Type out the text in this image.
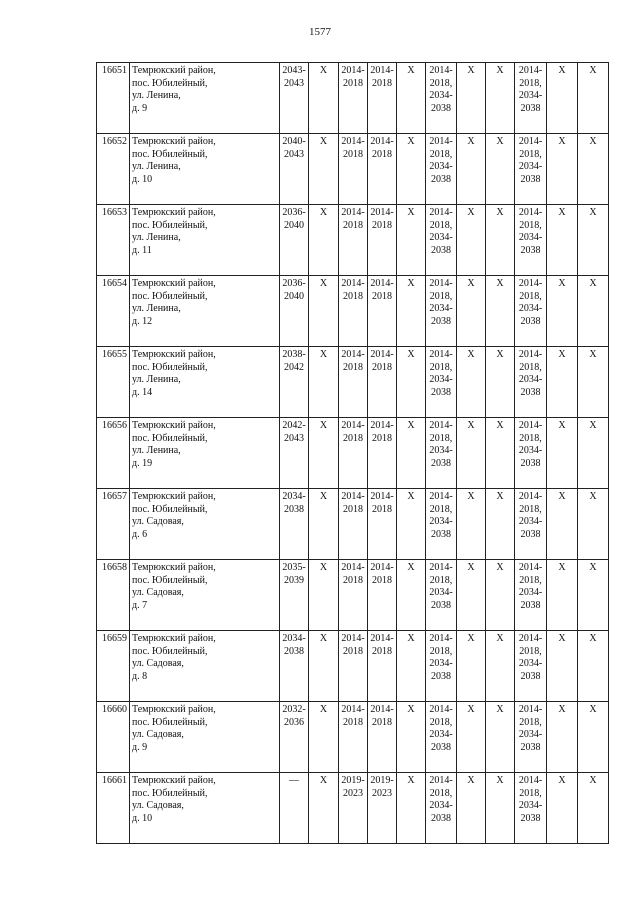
1577
16651	Темрюкский район,
пос. Юбилейный,
ул. Ленина,
д. 9	2043-
2043	X	2014-
2018	2014-
2018	X	2014-
2018,
2034-
2038	X	X	2014-
2018,
2034-
2038	X	X
16652	Темрюкский район,
пос. Юбилейный,
ул. Ленина,
д. 10	2040-
2043	X	2014-
2018	2014-
2018	X	2014-
2018,
2034-
2038	X	X	2014-
2018,
2034-
2038	X	X
16653	Темрюкский район,
пос. Юбилейный,
ул. Ленина,
д. 11	2036-
2040	X	2014-
2018	2014-
2018	X	2014-
2018,
2034-
2038	X	X	2014-
2018,
2034-
2038	X	X
16654	Темрюкский район,
пос. Юбилейный,
ул. Ленина,
д. 12	2036-
2040	X	2014-
2018	2014-
2018	X	2014-
2018,
2034-
2038	X	X	2014-
2018,
2034-
2038	X	X
16655	Темрюкский район,
пос. Юбилейный,
ул. Ленина,
д. 14	2038-
2042	X	2014-
2018	2014-
2018	X	2014-
2018,
2034-
2038	X	X	2014-
2018,
2034-
2038	X	X
16656	Темрюкский район,
пос. Юбилейный,
ул. Ленина,
д. 19	2042-
2043	X	2014-
2018	2014-
2018	X	2014-
2018,
2034-
2038	X	X	2014-
2018,
2034-
2038	X	X
16657	Темрюкский район,
пос. Юбилейный,
ул. Садовая,
д. 6	2034-
2038	X	2014-
2018	2014-
2018	X	2014-
2018,
2034-
2038	X	X	2014-
2018,
2034-
2038	X	X
16658	Темрюкский район,
пос. Юбилейный,
ул. Садовая,
д. 7	2035-
2039	X	2014-
2018	2014-
2018	X	2014-
2018,
2034-
2038	X	X	2014-
2018,
2034-
2038	X	X
16659	Темрюкский район,
пос. Юбилейный,
ул. Садовая,
д. 8	2034-
2038	X	2014-
2018	2014-
2018	X	2014-
2018,
2034-
2038	X	X	2014-
2018,
2034-
2038	X	X
16660	Темрюкский район,
пос. Юбилейный,
ул. Садовая,
д. 9	2032-
2036	X	2014-
2018	2014-
2018	X	2014-
2018,
2034-
2038	X	X	2014-
2018,
2034-
2038	X	X
16661	Темрюкский район,
пос. Юбилейный,
ул. Садовая,
д. 10	—	X	2019-
2023	2019-
2023	X	2014-
2018,
2034-
2038	X	X	2014-
2018,
2034-
2038	X	X
